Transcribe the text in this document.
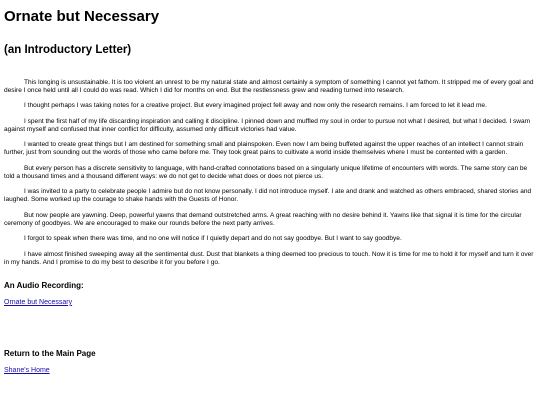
Ornate but Necessary
(an Introductory Letter)

This longing is unsustainable. It is too violent an unrest to be my natural state and almost certainly a symptom of something I cannot yet fathom. It stripped me of every goal and desire I once held until all I could do was read. Which I did for months on end. But the restlessness grew and reading turned into research.

I thought perhaps I was taking notes for a creative project. But every imagined project fell away and now only the research remains. I am forced to let it lead me.

I spent the first half of my life discarding inspiration and calling it discipline. I pinned down and muffled my soul in order to pursue not what I desired, but what I decided. I swam against myself and confused that inner conflict for difficulty, assumed only difficult victories had value.

I wanted to create great things but I am destined for something small and plainspoken. Even now I am being buffeted against the upper reaches of an intellect I cannot strain further, just from sounding out the words of those who came before me. They took great pains to cultivate a world inside themselves where I must be contented with a garden.

But every person has a discrete sensitivity to language, with hand-crafted connotations based on a singularly unique lifetime of encounters with words. The same story can be told a thousand times and a thousand different ways: we do not get to decide what does or does not pierce us.

I was invited to a party to celebrate people I admire but do not know personally. I did not introduce myself. I ate and drank and watched as others embraced, shared stories and laughed. Some worked up the courage to shake hands with the Guests of Honor.

But now people are yawning. Deep, powerful yawns that demand outstretched arms. A great reaching with no desire behind it. Yawns like that signal it is time for the circular ceremony of goodbyes. We are encouraged to make our rounds before the next party arrives.

I forgot to speak when there was time, and no one will notice if I quietly depart and do not say goodbye. But I want to say goodbye.

I have almost finished sweeping away all the sentimental dust. Dust that blankets a thing deemed too precious to touch. Now it is time for me to hold it for myself and turn it over in my hands. And I promise to do my best to describe it for you before I go.

An Audio Recording:
Ornate but Necessary
Return to the Main Page
Shane's Home
